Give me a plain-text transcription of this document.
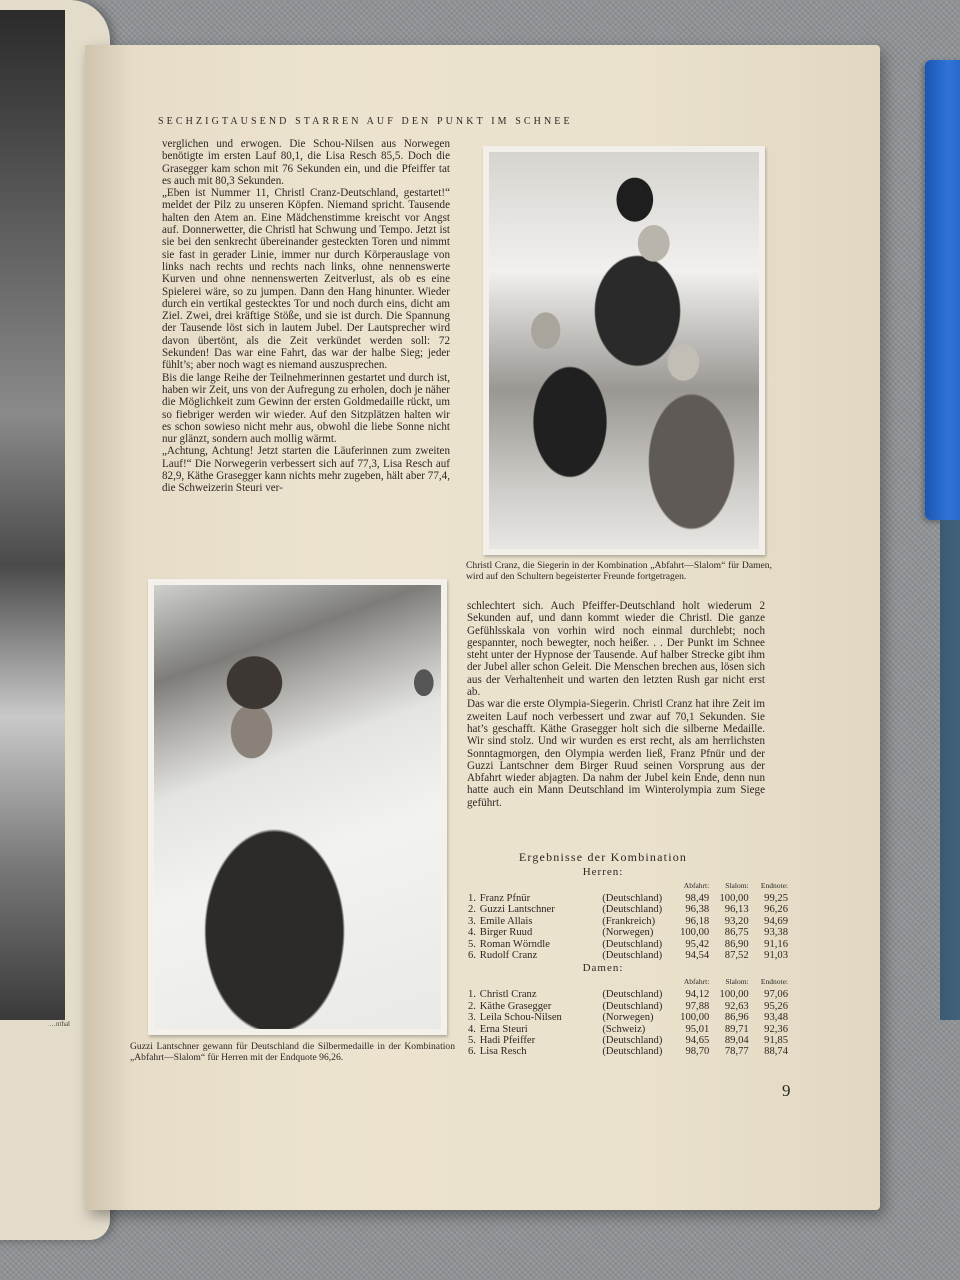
…nthal
SECHZIGTAUSEND STARREN AUF DEN PUNKT IM SCHNEE

verglichen und erwogen. Die Schou-Nilsen aus Norwegen benötigte im ersten Lauf 80,1, die Lisa Resch 85,5. Doch die Grasegger kam schon mit 76 Sekunden ein, und die Pfeiffer tat es auch mit 80,3 Sekunden.

„Eben ist Nummer 11, Christl Cranz-Deutschland, gestartet!“ meldet der Pilz zu unseren Köpfen. Niemand spricht. Tausende halten den Atem an. Eine Mädchenstimme kreischt vor Angst auf. Donnerwetter, die Christl hat Schwung und Tempo. Jetzt ist sie bei den senkrecht übereinander gesteckten Toren und nimmt sie fast in gerader Linie, immer nur durch Körperauslage von links nach rechts und rechts nach links, ohne nennenswerte Kurven und ohne nennenswerten Zeitverlust, als ob es eine Spielerei wäre, so zu jumpen. Dann den Hang hinunter. Wieder durch ein vertikal gestecktes Tor und noch durch eins, dicht am Ziel. Zwei, drei kräftige Stöße, und sie ist durch. Die Spannung der Tausende löst sich in lautem Jubel. Der Lautsprecher wird davon übertönt, als die Zeit verkündet werden soll: 72 Sekunden! Das war eine Fahrt, das war der halbe Sieg; jeder fühlt’s; aber noch wagt es niemand auszusprechen.

Bis die lange Reihe der Teilnehmerinnen gestartet und durch ist, haben wir Zeit, uns von der Aufregung zu erholen, doch je näher die Möglichkeit zum Gewinn der ersten Goldmedaille rückt, um so fiebriger werden wir wieder. Auf den Sitzplätzen halten wir es schon sowieso nicht mehr aus, obwohl die liebe Sonne nicht nur glänzt, sondern auch mollig wärmt.

„Achtung, Achtung! Jetzt starten die Läuferinnen zum zweiten Lauf!“ Die Norwegerin verbessert sich auf 77,3, Lisa Resch auf 82,9, Käthe Grasegger kann nichts mehr zugeben, hält aber 77,4, die Schweizerin Steuri ver-

Christl Cranz, die Siegerin in der Kombination „Abfahrt—Slalom“ für Damen, wird auf den Schultern begeisterter Freunde fortgetragen.
Guzzi Lantschner gewann für Deutschland die Silbermedaille in der Kombination „Abfahrt—Slalom“ für Herren mit der Endquote 96,26.

schlechtert sich. Auch Pfeiffer-Deutschland holt wiederum 2 Sekunden auf, und dann kommt wieder die Christl. Die ganze Gefühlsskala von vorhin wird noch einmal durchlebt; noch gespannter, noch bewegter, noch heißer. . . Der Punkt im Schnee steht unter der Hypnose der Tausende. Auf halber Strecke gibt ihm der Jubel aller schon Geleit. Die Menschen brechen aus, lösen sich aus der Verhaltenheit und warten den letzten Rush gar nicht erst ab.

Das war die erste Olympia-Siegerin. Christl Cranz hat ihre Zeit im zweiten Lauf noch verbessert und zwar auf 70,1 Sekunden. Sie hat’s geschafft. Käthe Grasegger holt sich die silberne Medaille. Wir sind stolz. Und wir wurden es erst recht, als am herrlichsten Sonntagmorgen, den Olympia werden ließ, Franz Pfnür und der Guzzi Lantschner dem Birger Ruud seinen Vorsprung aus der Abfahrt wieder abjagten. Da nahm der Jubel kein Ende, denn nun hatte auch ein Mann Deutschland im Winterolympia zum Siege geführt.

Ergebnisse der Kombination
Herren:
			Abfahrt:	Slalom:	Endnote:
1.	Franz Pfnür	(Deutschland)	98,49	100,00	99,25
2.	Guzzi Lantschner	(Deutschland)	96,38	96,13	96,26
3.	Emile Allais	(Frankreich)	96,18	93,20	94,69
4.	Birger Ruud	(Norwegen)	100,00	86,75	93,38
5.	Roman Wörndle	(Deutschland)	95,42	86,90	91,16
6.	Rudolf Cranz	(Deutschland)	94,54	87,52	91,03
Damen:
			Abfahrt:	Slalom:	Endnote:
1.	Christl Cranz	(Deutschland)	94,12	100,00	97,06
2.	Käthe Grasegger	(Deutschland)	97,88	92,63	95,26
3.	Leila Schou-Nilsen	(Norwegen)	100,00	86,96	93,48
4.	Erna Steuri	(Schweiz)	95,01	89,71	92,36
5.	Hadi Pfeiffer	(Deutschland)	94,65	89,04	91,85
6.	Lisa Resch	(Deutschland)	98,70	78,77	88,74
9
